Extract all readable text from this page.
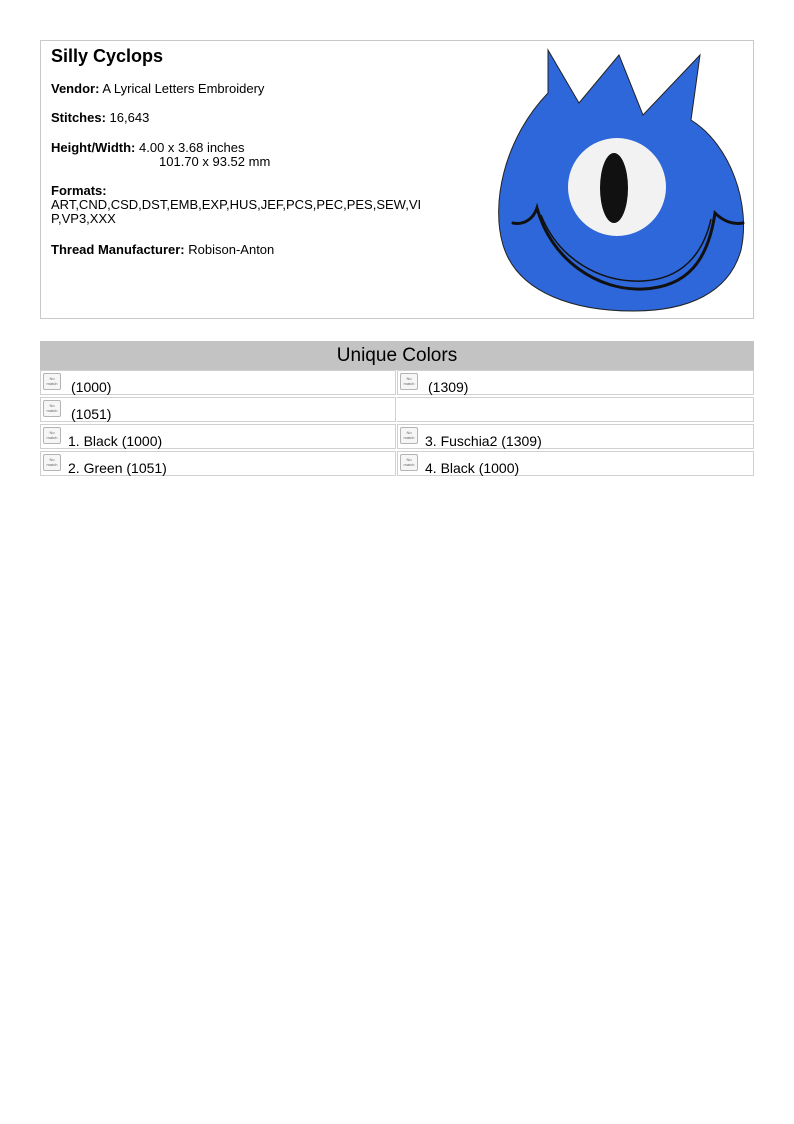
Silly Cyclops
Vendor: A Lyrical Letters Embroidery
Stitches: 16,643
Height/Width: 4.00 x 3.68 inches
101.70 x 93.52 mm
Formats:
ART,CND,CSD,DST,EMB,EXP,HUS,JEF,PCS,PEC,PES,SEW,VI
P,VP3,XXX
Thread Manufacturer: Robison-Anton
Unique Colors
No match (1000)
No match (1309)
No match (1051)
No match 1. Black (1000)
No match 3. Fuschia2 (1309)
No match 2. Green (1051)
No match 4. Black (1000)
